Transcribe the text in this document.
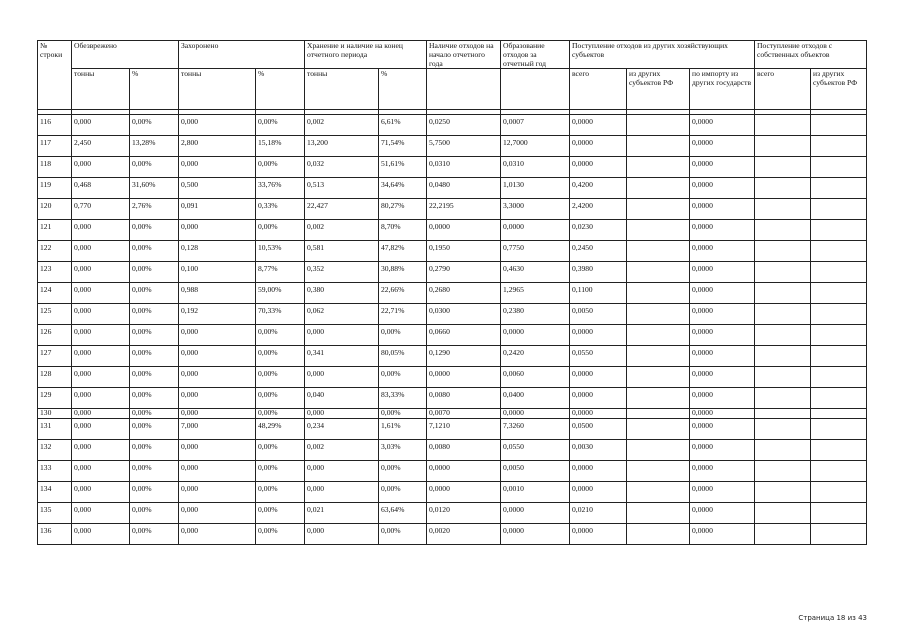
№ строки	Обезврежено		Захоронено		Хранение и наличие на конец отчетного периода		Наличие отходов на начало отчетного года	Образование отходов за отчетный год	Поступление отходов из других хозяйствующих субъектов			Поступление отходов с собственных объектов	
	тонны	%	тонны	%	тонны	%			всего	из других субъектов РФ	по импорту из других государств	всего	из других субъектов РФ

116	0,000	0,00%	0,000	0,00%	0,002	6,61%	0,0250	0,0007	0,0000		0,0000		
117	2,450	13,28%	2,800	15,18%	13,200	71,54%	5,7500	12,7000	0,0000		0,0000		
118	0,000	0,00%	0,000	0,00%	0,032	51,61%	0,0310	0,0310	0,0000		0,0000		
119	0,468	31,60%	0,500	33,76%	0,513	34,64%	0,0480	1,0130	0,4200		0,0000		
120	0,770	2,76%	0,091	0,33%	22,427	80,27%	22,2195	3,3000	2,4200		0,0000		
121	0,000	0,00%	0,000	0,00%	0,002	8,70%	0,0000	0,0000	0,0230		0,0000		
122	0,000	0,00%	0,128	10,53%	0,581	47,82%	0,1950	0,7750	0,2450		0,0000		
123	0,000	0,00%	0,100	8,77%	0,352	30,88%	0,2790	0,4630	0,3980		0,0000		
124	0,000	0,00%	0,988	59,00%	0,380	22,66%	0,2680	1,2965	0,1100		0,0000		
125	0,000	0,00%	0,192	70,33%	0,062	22,71%	0,0300	0,2380	0,0050		0,0000		
126	0,000	0,00%	0,000	0,00%	0,000	0,00%	0,0660	0,0000	0,0000		0,0000		
127	0,000	0,00%	0,000	0,00%	0,341	80,05%	0,1290	0,2420	0,0550		0,0000		
128	0,000	0,00%	0,000	0,00%	0,000	0,00%	0,0000	0,0060	0,0000		0,0000		
129	0,000	0,00%	0,000	0,00%	0,040	83,33%	0,0080	0,0400	0,0000		0,0000		
130	0,000	0,00%	0,000	0,00%	0,000	0,00%	0,0070	0,0000	0,0000		0,0000		
131	0,000	0,00%	7,000	48,29%	0,234	1,61%	7,1210	7,3260	0,0500		0,0000		
132	0,000	0,00%	0,000	0,00%	0,002	3,03%	0,0080	0,0550	0,0030		0,0000		
133	0,000	0,00%	0,000	0,00%	0,000	0,00%	0,0000	0,0050	0,0000		0,0000		
134	0,000	0,00%	0,000	0,00%	0,000	0,00%	0,0000	0,0010	0,0000		0,0000		
135	0,000	0,00%	0,000	0,00%	0,021	63,64%	0,0120	0,0000	0,0210		0,0000		
136	0,000	0,00%	0,000	0,00%	0,000	0,00%	0,0020	0,0000	0,0000		0,0000		
Страница 18 из 43
